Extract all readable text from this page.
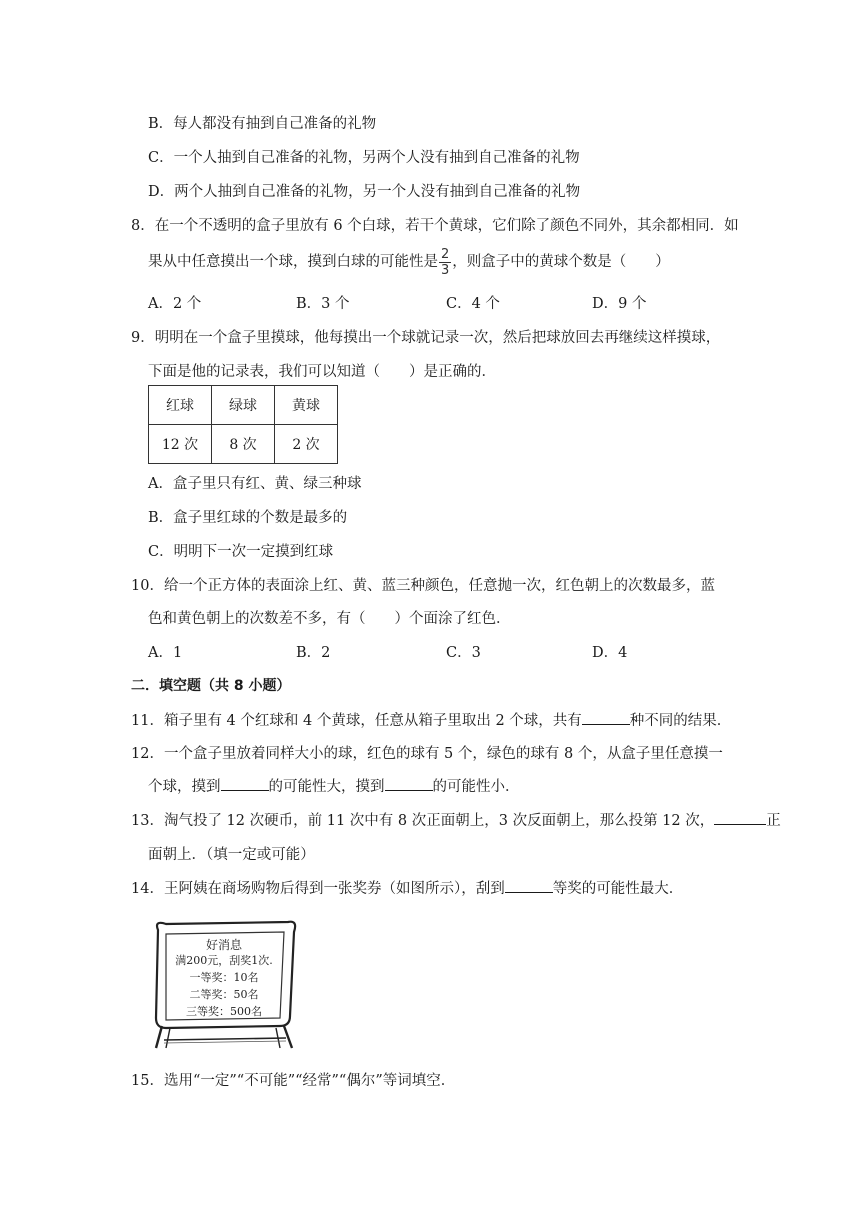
B．每人都没有抽到自己准备的礼物
C．一个人抽到自己准备的礼物，另两个人没有抽到自己准备的礼物
D．两个人抽到自己准备的礼物，另一个人没有抽到自己准备的礼物
8．在一个不透明的盒子里放有 6 个白球，若干个黄球，它们除了颜色不同外，其余都相同．如
果从中任意摸出一个球，摸到白球的可能性是 $\frac{2}{3}$ ，则盒子中的黄球个数是（　　）
A．2 个	B．3 个	C．4 个	D．9 个
9．明明在一个盒子里摸球，他每摸出一个球就记录一次，然后把球放回去再继续这样摸球，
下面是他的记录表，我们可以知道（　　）是正确的．
红球	绿球	黄球
12 次	8 次	2 次
A．盒子里只有红、黄、绿三种球
B．盒子里红球的个数是最多的
C．明明下一次一定摸到红球
10．给一个正方体的表面涂上红、黄、蓝三种颜色，任意抛一次，红色朝上的次数最多，蓝
色和黄色朝上的次数差不多，有（　　）个面涂了红色．
A．1	B．2	C．3	D．4
二．填空题（共 8 小题）
11．箱子里有 4 个红球和 4 个黄球，任意从箱子里取出 2 个球，共有	种不同的结果．
12．一个盒子里放着同样大小的球，红色的球有 5 个，绿色的球有 8 个，从盒子里任意摸一
个球，摸到	的可能性大，摸到	的可能性小．
13．淘气投了 12 次硬币，前 11 次中有 8 次正面朝上，3 次反面朝上，那么投第 12 次，	正
面朝上．（填一定或可能）
14．王阿姨在商场购物后得到一张奖券（如图所示），刮到	等奖的可能性最大．
好消息
满200元，刮奖1次.
一等奖：10名
二等奖：50名
三等奖：500名
15．选用“一定”“不可能”“经常”“偶尔”等词填空．
